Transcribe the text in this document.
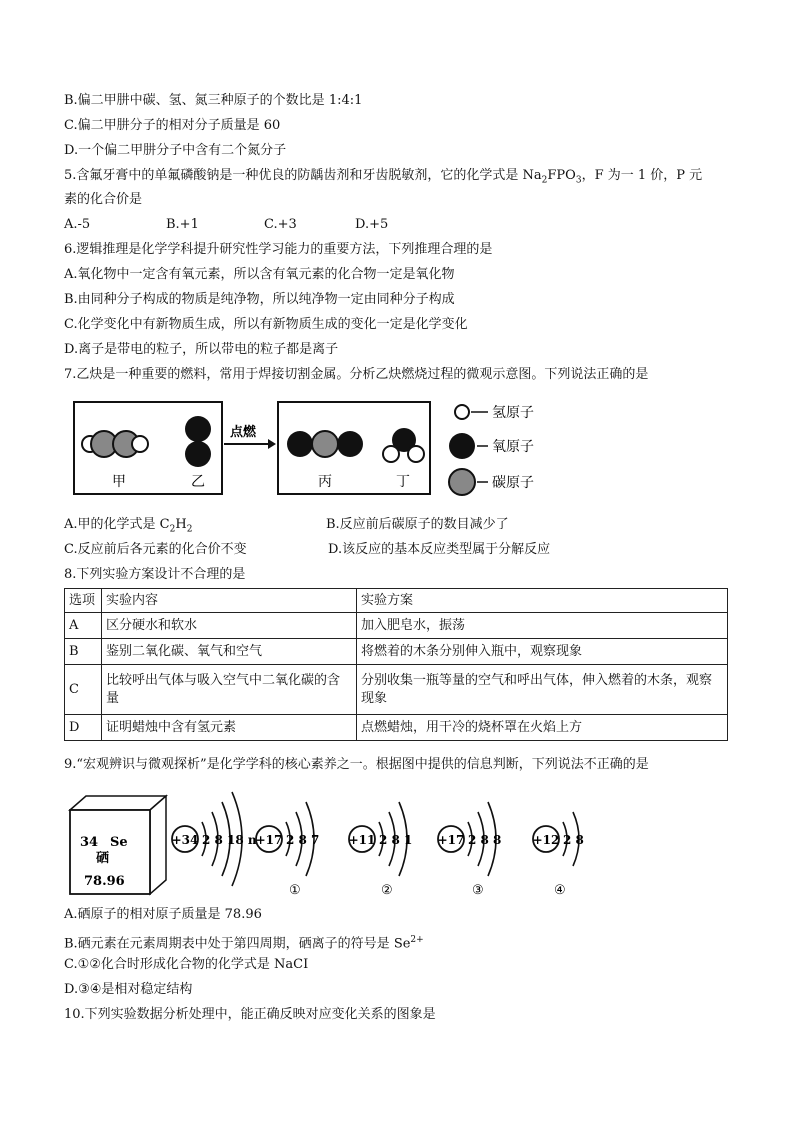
B.偏二甲肼中碳、氢、氮三种原子的个数比是 1:4:1
C.偏二甲肼分子的相对分子质量是 60
D.一个偏二甲肼分子中含有二个氮分子
5.含氟牙膏中的单氟磷酸钠是一种优良的防龋齿剂和牙齿脱敏剂，它的化学式是 $Na_2FPO_3$，F 为一 1 价，P 元
素的化合价是
A.-5	B.+1	C.+3	D.+5
6.逻辑推理是化学学科提升研究性学习能力的重要方法，下列推理合理的是
A.氧化物中一定含有氧元素，所以含有氧元素的化合物一定是氧化物
B.由同种分子构成的物质是纯净物，所以纯净物一定由同种分子构成
C.化学变化中有新物质生成，所以有新物质生成的变化一定是化学变化
D.离子是带电的粒子，所以带电的粒子都是离子
7.乙炔是一种重要的燃料，常用于焊接切割金属。分析乙炔燃烧过程的微观示意图。下列说法正确的是
甲	乙
点燃
丙	丁
氢原子
氧原子
碳原子
A.甲的化学式是 $C_2H_2$	B.反应前后碳原子的数目减少了
C.反应前后各元素的化合价不变	D.该反应的基本反应类型属于分解反应
8.下列实验方案设计不合理的是
选项	实验内容	实验方案
A	区分硬水和软水	加入肥皂水，振荡
B	鉴别二氧化碳、氧气和空气	将燃着的木条分别伸入瓶中，观察现象
C	比较呼出气体与吸入空气中二氧化碳的含量	分别收集一瓶等量的空气和呼出气体，伸入燃着的木条，观察现象
D	证明蜡烛中含有氢元素	点燃蜡烛，用干冷的烧杯罩在火焰上方
9.“宏观辨识与微观探析”是化学学科的核心素养之一。根据图中提供的信息判断，下列说法不正确的是
34 Se
硒
78.96
+34 2 8 18 n
+17 2 8 7
①
+11 2 8 1
②
+17 2 8 8
③
+12 2 8
④
A.硒原子的相对原子质量是 78.96
B.硒元素在元素周期表中处于第四周期，硒离子的符号是 $Se^{2+}$
C.①②化合时形成化合物的化学式是 NaCI
D.③④是相对稳定结构
10.下列实验数据分析处理中，能正确反映对应变化关系的图象是
